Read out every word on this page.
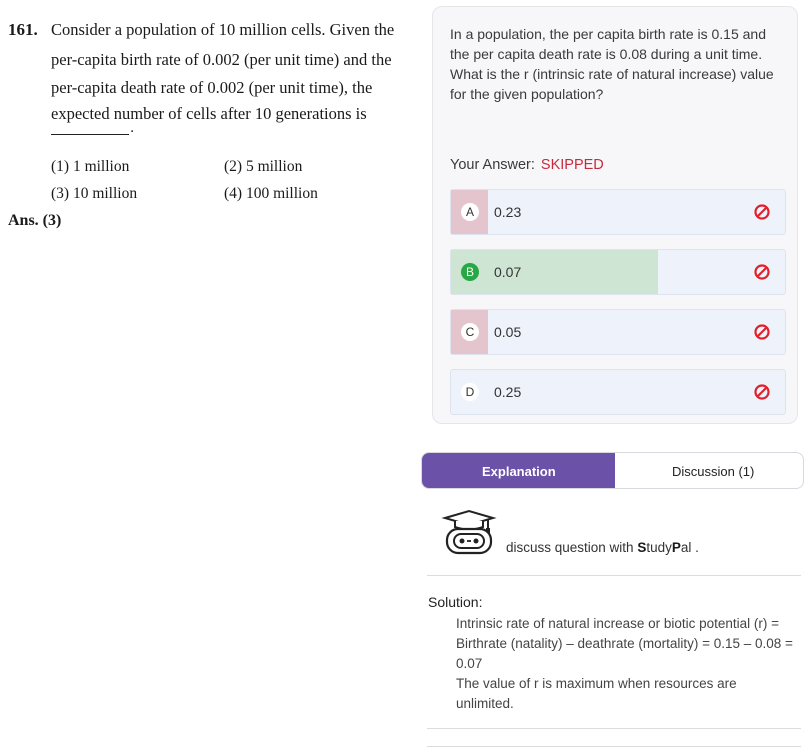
161. Consider a population of 10 million cells. Given the
per-capita birth rate of 0.002 (per unit time) and the
per-capita death rate of 0.002 (per unit time), the
expected number of cells after 10 generations is
.
(1) 1 million	(2) 5 million
(3) 10 million	(4) 100 million
Ans. (3)
In a population, the per capita birth rate is 0.15 and the per capita death rate is 0.08 during a unit time. What is the r (intrinsic rate of natural increase) value for the given population?
Your Answer: SKIPPED
A	0.23
B	0.07
C	0.05
D	0.25
Explanation	Discussion (1)
discuss question with StudyPal .
Solution:

Intrinsic rate of natural increase or biotic potential (r) = Birthrate (natality) – deathrate (mortality) = 0.15 – 0.08 = 0.07

The value of r is maximum when resources are unlimited.
